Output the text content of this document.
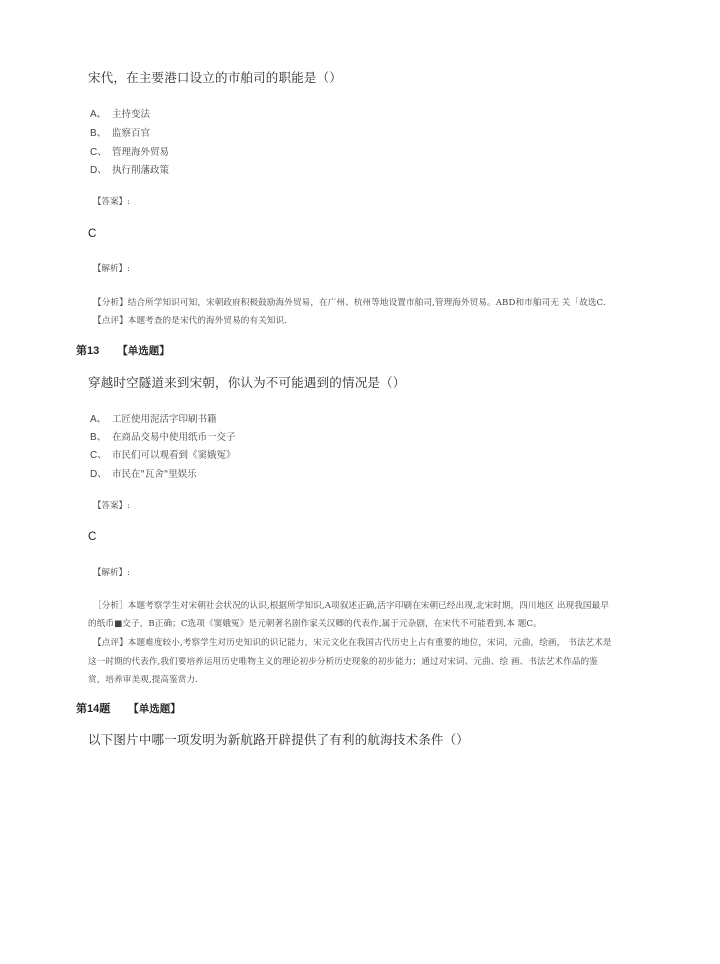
宋代，在主要港口设立的市舶司的职能是（）
A、 主持变法
B、 监察百官
C、 管理海外贸易
D、 执行削藩政策
【答案】:
C
【解析】:
【分析】结合所学知识可知，宋朝政府积极鼓励海外贸易，在广州、杭州等地设置市舶司,管理海外贸易。ABD和市舶司无 关「故选C.
【点评】本题考查的是宋代的海外贸易的有关知识.
第13 【单选题】
穿越时空隧道来到宋朝，你认为不可能遇到的情况是（）
A、 工匠使用泥活字印刷书籍
B、 在商品交易中使用纸币一交子
C、 市民们可以观看到《窦娥冤》
D、 市民在"瓦舍"里娱乐
【答案】:
C
【解析】:
［分析］本题考察学生对宋朝社会状况的认识,根据所学知识,A项叙述正确,活字印刷在宋朝已经出现,北宋时期，四川地区 出现我国最早
的纸币■交子，B正确；C选项《窦娥冤》是元朝著名剧作家关汉卿的代表作,属于元杂剧，在宋代不可能看到,本 题C。
【点评】本题难度较小,考察学生对历史知识的识记能力，宋元文化在我国古代历史上占有重要的地位，宋词，元曲，绘画， 书法艺术是
这一时期的代表作,我们要培养运用历史唯物主义的理论初步分析历史现象的初步能力；通过对宋词、元曲、绘 画、书法艺术作品的鉴
赏，培养审美观,提高鉴赏力.
第14题 【单选题】
以下图片中哪一项发明为新航路开辟提供了有利的航海技术条件（）
